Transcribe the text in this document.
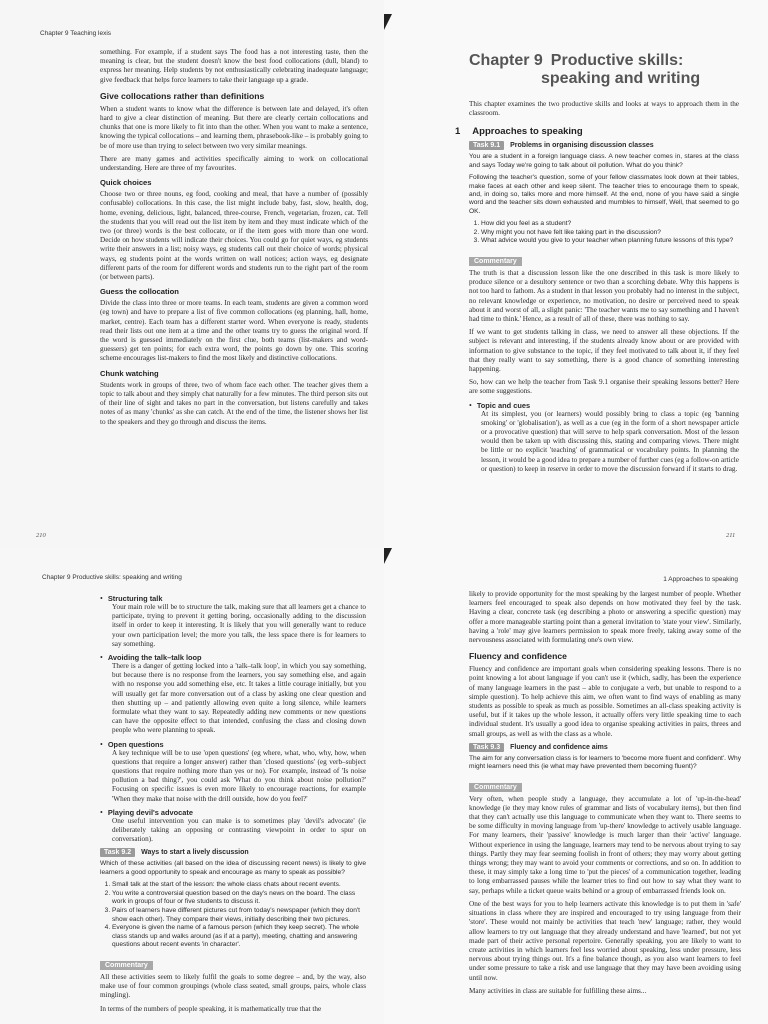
Chapter 9 Teaching lexis

something. For example, if a student says The food has a not interesting taste, then the meaning is clear, but the student doesn't know the best food collocations (dull, bland) to express her meaning. Help students by not enthusiastically celebrating inadequate language; give feedback that helps force learners to take their language up a grade.

Give collocations rather than definitions

When a student wants to know what the difference is between late and delayed, it's often hard to give a clear distinction of meaning. But there are clearly certain collocations and chunks that one is more likely to fit into than the other. When you want to make a sentence, knowing the typical collocations – and learning them, phrasebook-like – is probably going to be of more use than trying to select between two very similar meanings.

There are many games and activities specifically aiming to work on collocational understanding. Here are three of my favourites.

Quick choices

Choose two or three nouns, eg food, cooking and meal, that have a number of (possibly confusable) collocations. In this case, the list might include baby, fast, slow, health, dog, home, evening, delicious, light, balanced, three-course, French, vegetarian, frozen, cat. Tell the students that you will read out the list item by item and they must indicate which of the two (or three) words is the best collocate, or if the item goes with more than one word. Decide on how students will indicate their choices. You could go for quiet ways, eg students write their answers in a list; noisy ways, eg students call out their choice of words; physical ways, eg students point at the words written on wall notices; action ways, eg designate different parts of the room for different words and students run to the right part of the room (or between parts).

Guess the collocation

Divide the class into three or more teams. In each team, students are given a common word (eg town) and have to prepare a list of five common collocations (eg planning, hall, home, market, centre). Each team has a different starter word. When everyone is ready, students read their lists out one item at a time and the other teams try to guess the original word. If the word is guessed immediately on the first clue, both teams (list-makers and word-guessers) get ten points; for each extra word, the points go down by one. This scoring scheme encourages list-makers to find the most likely and distinctive collocations.

Chunk watching

Students work in groups of three, two of whom face each other. The teacher gives them a topic to talk about and they simply chat naturally for a few minutes. The third person sits out of their line of sight and takes no part in the conversation, but listens carefully and takes notes of as many 'chunks' as she can catch. At the end of the time, the listener shows her list to the speakers and they go through and discuss the items.

210
Chapter 9 Productive skills:
speaking and writing

This chapter examines the two productive skills and looks at ways to approach them in the classroom.

1 Approaches to speaking
Task 9.1	Problems in organising discussion classes

You are a student in a foreign language class. A new teacher comes in, stares at the class and says Today we're going to talk about oil pollution. What do you think?

Following the teacher's question, some of your fellow classmates look down at their tables, make faces at each other and keep silent. The teacher tries to encourage them to speak, and, in doing so, talks more and more himself. At the end, none of you have said a single word and the teacher sits down exhausted and mumbles to himself, Well, that seemed to go OK.

1. How did you feel as a student?
2. Why might you not have felt like taking part in the discussion?
3. What advice would you give to your teacher when planning future lessons of this type?
Commentary

The truth is that a discussion lesson like the one described in this task is more likely to produce silence or a desultory sentence or two than a scorching debate. Why this happens is not too hard to fathom. As a student in that lesson you probably had no interest in the subject, no relevant knowledge or experience, no motivation, no desire or perceived need to speak about it and worst of all, a slight panic: 'The teacher wants me to say something and I haven't had time to think.' Hence, as a result of all of these, there was nothing to say.

If we want to get students talking in class, we need to answer all these objections. If the subject is relevant and interesting, if the students already know about or are provided with information to give substance to the topic, if they feel motivated to talk about it, if they feel that they really want to say something, there is a good chance of something interesting happening.

So, how can we help the teacher from Task 9.1 organise their speaking lessons better? Here are some suggestions.

• Topic and cues

At its simplest, you (or learners) would possibly bring to class a topic (eg 'banning smoking' or 'globalisation'), as well as a cue (eg in the form of a short newspaper article or a provocative question) that will serve to help spark conversation. Most of the lesson would then be taken up with discussing this, stating and comparing views. There might be little or no explicit 'teaching' of grammatical or vocabulary points. In planning the lesson, it would be a good idea to prepare a number of further cues (eg a follow-on article or question) to keep in reserve in order to move the discussion forward if it starts to drag.

211
Chapter 9 Productive skills: speaking and writing
• Structuring talk

Your main role will be to structure the talk, making sure that all learners get a chance to participate, trying to prevent it getting boring, occasionally adding to the discussion itself in order to keep it interesting. It is likely that you will generally want to reduce your own participation level; the more you talk, the less space there is for learners to say something.

• Avoiding the talk–talk loop

There is a danger of getting locked into a 'talk–talk loop', in which you say something, but because there is no response from the learners, you say something else, and again with no response you add something else, etc. It takes a little courage initially, but you will usually get far more conversation out of a class by asking one clear question and then shutting up – and patiently allowing even quite a long silence, while learners formulate what they want to say. Repeatedly adding new comments or new questions can have the opposite effect to that intended, confusing the class and closing down people who were planning to speak.

• Open questions

A key technique will be to use 'open questions' (eg where, what, who, why, how, when questions that require a longer answer) rather than 'closed questions' (eg verb–subject questions that require nothing more than yes or no). For example, instead of 'Is noise pollution a bad thing?', you could ask 'What do you think about noise pollution?' Focusing on specific issues is even more likely to encourage reactions, for example 'When they make that noise with the drill outside, how do you feel?'

• Playing devil's advocate

One useful intervention you can make is to sometimes play 'devil's advocate' (ie deliberately taking an opposing or contrasting viewpoint in order to spur on conversation).

Task 9.2	Ways to start a lively discussion

Which of these activities (all based on the idea of discussing recent news) is likely to give learners a good opportunity to speak and encourage as many to speak as possible?

1. Small talk at the start of the lesson: the whole class chats about recent events.
2. You write a controversial question based on the day's news on the board. The class work in groups of four or five students to discuss it.
3. Pairs of learners have different pictures cut from today's newspaper (which they don't show each other). They compare their views, initially describing their two pictures.
4. Everyone is given the name of a famous person (which they keep secret). The whole class stands up and walks around (as if at a party), meeting, chatting and answering questions about recent events 'in character'.
Commentary

All these activities seem to likely fulfil the goals to some degree – and, by the way, also make use of four common groupings (whole class seated, small groups, pairs, whole class mingling).

In terms of the numbers of people speaking, it is mathematically true that the

1 Approaches to speaking

likely to provide opportunity for the most speaking by the largest number of people. Whether learners feel encouraged to speak also depends on how motivated they feel by the task. Having a clear, concrete task (eg describing a photo or answering a specific question) may offer a more manageable starting point than a general invitation to 'state your view'. Similarly, having a 'role' may give learners permission to speak more freely, taking away some of the nervousness associated with formulating one's own view.

Fluency and confidence

Fluency and confidence are important goals when considering speaking lessons. There is no point knowing a lot about language if you can't use it (which, sadly, has been the experience of many language learners in the past – able to conjugate a verb, but unable to respond to a simple question). To help achieve this aim, we often want to find ways of enabling as many students as possible to speak as much as possible. Sometimes an all-class speaking activity is useful, but if it takes up the whole lesson, it actually offers very little speaking time to each individual student. It's usually a good idea to organise speaking activities in pairs, threes and small groups, as well as with the class as a whole.

Task 9.3	Fluency and confidence aims

The aim for any conversation class is for learners to 'become more fluent and confident'. Why might learners need this (ie what may have prevented them becoming fluent)?

Commentary

Very often, when people study a language, they accumulate a lot of 'up-in-the-head' knowledge (ie they may know rules of grammar and lists of vocabulary items), but then find that they can't actually use this language to communicate when they want to. There seems to be some difficulty in moving language from 'up-there' knowledge to actively usable language. For many learners, their 'passive' knowledge is much larger than their 'active' language. Without experience in using the language, learners may tend to be nervous about trying to say things. Partly they may fear seeming foolish in front of others; they may worry about getting things wrong; they may want to avoid your comments or corrections, and so on. In addition to these, it may simply take a long time to 'put the pieces' of a communication together, leading to long embarrassed pauses while the learner tries to find out how to say what they want to say, perhaps while a ticket queue waits behind or a group of embarrassed friends look on.

One of the best ways for you to help learners activate this knowledge is to put them in 'safe' situations in class where they are inspired and encouraged to try using language from their 'store'. These would not mainly be activities that teach 'new' language; rather, they would allow learners to try out language that they already understand and have 'learned', but not yet made part of their active personal repertoire. Generally speaking, you are likely to want to create activities in which learners feel less worried about speaking, less under pressure, less nervous about trying things out. It's a fine balance though, as you also want learners to feel under some pressure to take a risk and use language that they may have been avoiding using until now.

Many activities in class are suitable for fulfilling these aims...
